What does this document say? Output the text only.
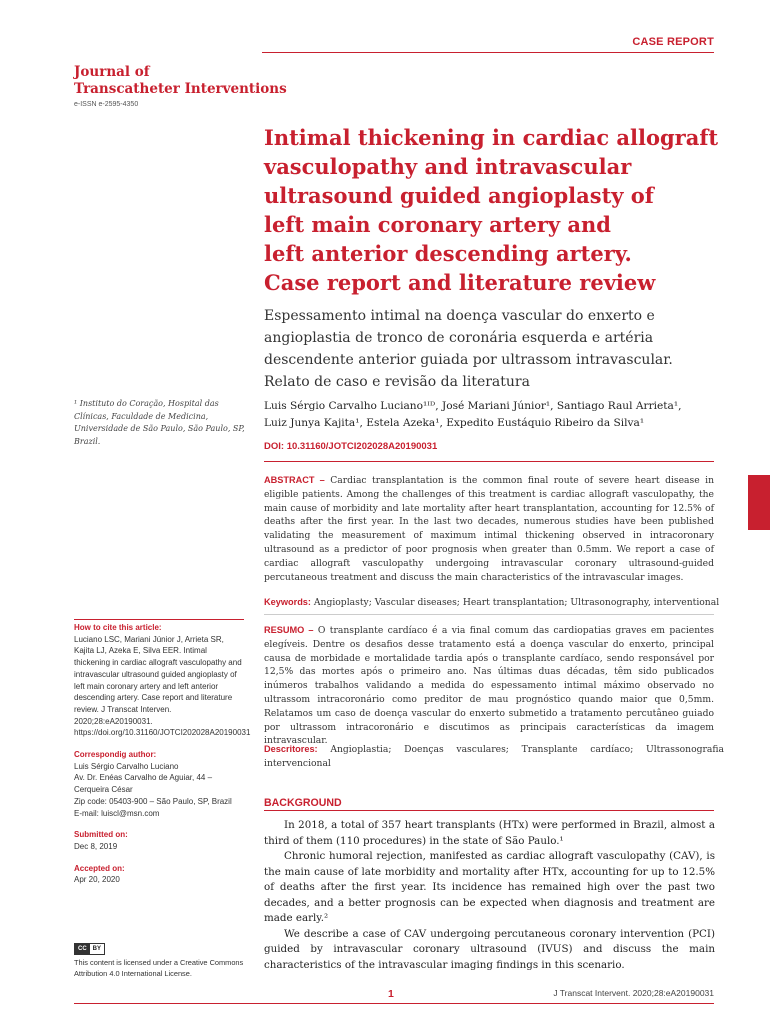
CASE REPORT
Journal of
Transcatheter Interventions
e-ISSN e-2595-4350
Intimal thickening in cardiac allograft
vasculopathy and intravascular
ultrasound guided angioplasty of
left main coronary artery and
left anterior descending artery.
Case report and literature review
Espessamento intimal na doença vascular do enxerto e
angioplastia de tronco de coronária esquerda e artéria
descendente anterior guiada por ultrassom intravascular.
Relato de caso e revisão da literatura
Luis Sérgio Carvalho Luciano¹ᴵᴰ, José Mariani Júnior¹, Santiago Raul Arrieta¹,
Luiz Junya Kajita¹, Estela Azeka¹, Expedito Eustáquio Ribeiro da Silva¹
DOI: 10.31160/JOTCI202028A20190031
¹ Instituto do Coração, Hospital das Clínicas, Faculdade de Medicina, Universidade de São Paulo, São Paulo, SP, Brazil.
ABSTRACT – Cardiac transplantation is the common final route of severe heart disease in eligible patients. Among the challenges of this treatment is cardiac allograft vasculopathy, the main cause of morbidity and late mortality after heart transplantation, accounting for 12.5% of deaths after the first year. In the last two decades, numerous studies have been published validating the measurement of maximum intimal thickening observed in intracoronary ultrasound as a predictor of poor prognosis when greater than 0.5mm. We report a case of cardiac allograft vasculopathy undergoing intravascular coronary ultrasound-guided percutaneous treatment and discuss the main characteristics of the intravascular images.
Keywords: Angioplasty; Vascular diseases; Heart transplantation; Ultrasonography, interventional
RESUMO – O transplante cardíaco é a via final comum das cardiopatias graves em pacientes elegíveis. Dentre os desafios desse tratamento está a doença vascular do enxerto, principal causa de morbidade e mortalidade tardia após o transplante cardíaco, sendo responsável por 12,5% das mortes após o primeiro ano. Nas últimas duas décadas, têm sido publicados inúmeros trabalhos validando a medida do espessamento intimal máximo observado no ultrassom intracoronário como preditor de mau prognóstico quando maior que 0,5mm. Relatamos um caso de doença vascular do enxerto submetido a tratamento percutâneo guiado por ultrassom intracoronário e discutimos as principais características da imagem intravascular.
Descritores: Angioplastia; Doenças vasculares; Transplante cardíaco; Ultrassonografia intervencional
BACKGROUND

In 2018, a total of 357 heart transplants (HTx) were performed in Brazil, almost a third of them (110 procedures) in the state of São Paulo.¹

Chronic humoral rejection, manifested as cardiac allograft vasculopathy (CAV), is the main cause of late morbidity and mortality after HTx, accounting for up to 12.5% of deaths after the first year. Its incidence has remained high over the past two decades, and a better prognosis can be expected when diagnosis and treatment are made early.²

We describe a case of CAV undergoing percutaneous coronary intervention (PCI) guided by intravascular coronary ultrasound (IVUS) and discuss the main characteristics of the intravascular imaging findings in this scenario.

How to cite this article:
Luciano LSC, Mariani Júnior J, Arrieta SR, Kajita LJ, Azeka E, Silva EER. Intimal thickening in cardiac allograft vasculopathy and intravascular ultrasound guided angioplasty of left main coronary artery and left anterior descending artery. Case report and literature review. J Transcat Interven. 2020;28:eA20190031. https://doi.org/10.31160/JOTCI202028A20190031
Correspondig author:
Luis Sérgio Carvalho Luciano
Av. Dr. Enéas Carvalho de Aguiar, 44 – Cerqueira César
Zip code: 05403-900 – São Paulo, SP, Brazil
E-mail: luiscl@msn.com
Submitted on:
Dec 8, 2019
Accepted on:
Apr 20, 2020
CC	BY
This content is licensed under a Creative Commons Attribution 4.0 International License.
1	J Transcat Intervent. 2020;28:eA20190031
